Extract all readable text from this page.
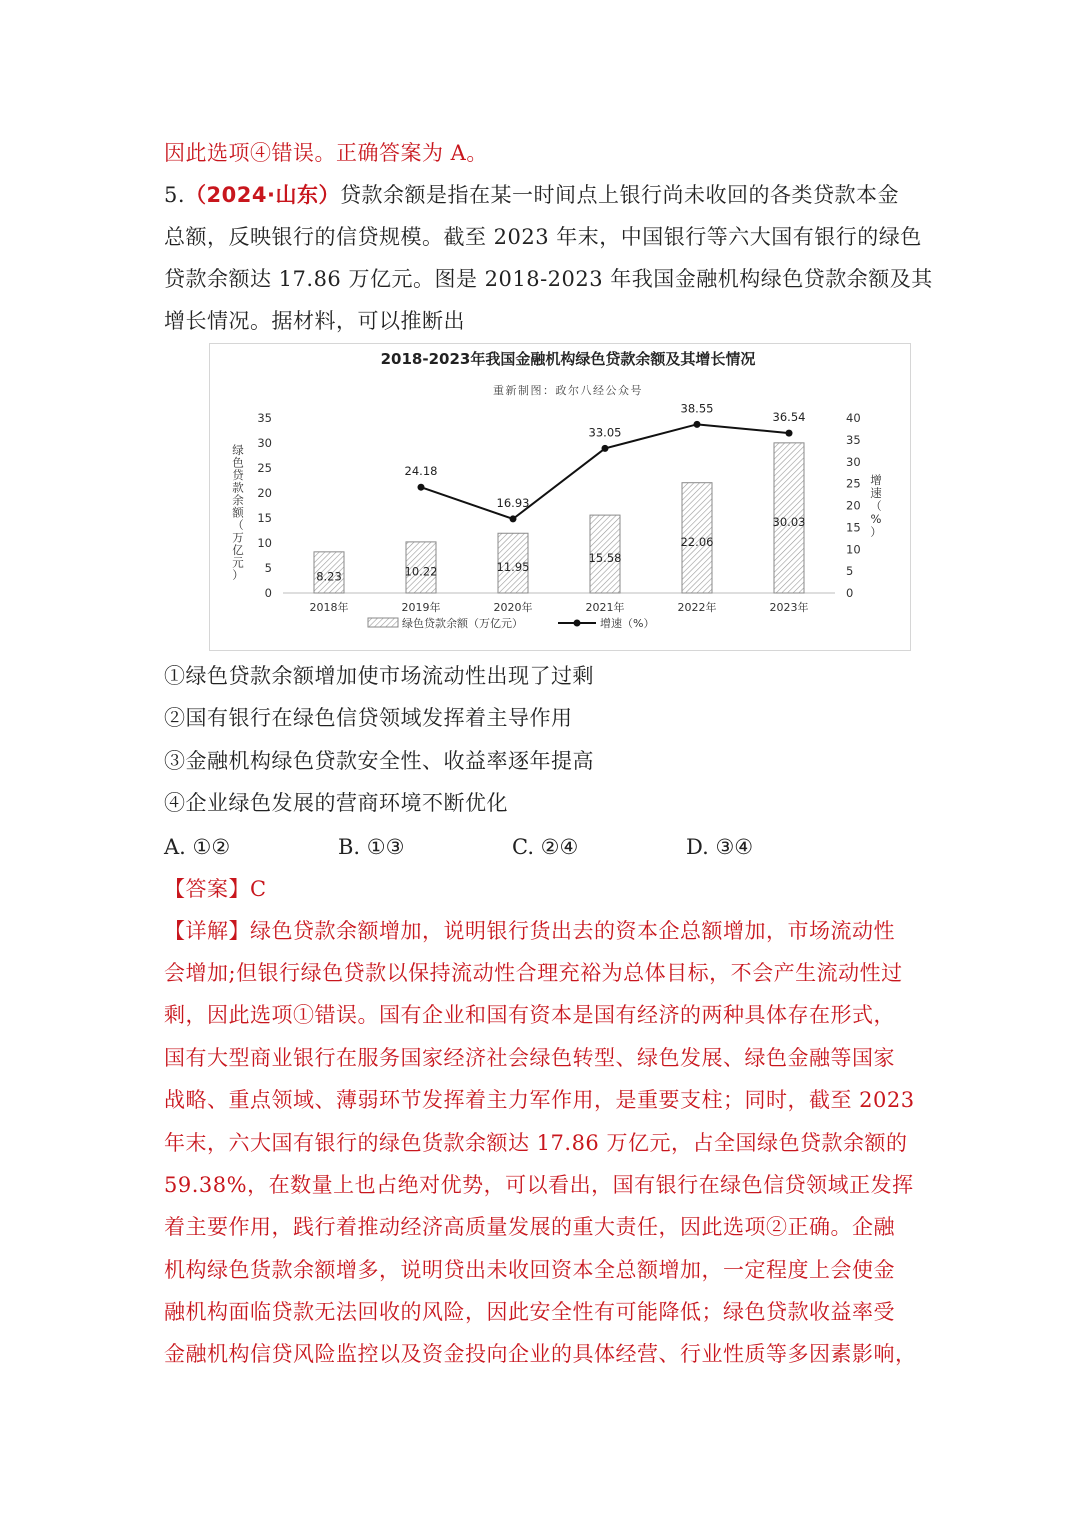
因此选项④错误。正确答案为 A。

5.（2024·山东）贷款余额是指在某一时间点上银行尚未收回的各类贷款本金

总额，反映银行的信贷规模。截至 2023 年末，中国银行等六大国有银行的绿色

贷款余额达 17.86 万亿元。图是 2018-2023 年我国金融机构绿色贷款余额及其

增长情况。据材料，可以推断出

2018-2023年我国金融机构绿色贷款余额及其增长情况
重新制图：政尔八经公众号
绿色贷款余额（万亿元）
增速（%）
0
5
10
15
20
25
30
35
0
5
10
15
20
25
30
35
40
8.23	10.22	11.95
15.58
22.06
30.03
2018年	2019年	2020年	2021年	2022年	2023年
24.18
16.93
33.05
38.55
36.54
绿色贷款余额（万亿元）	增速（%）

①绿色贷款余额增加使市场流动性出现了过剩

②国有银行在绿色信贷领域发挥着主导作用

③金融机构绿色贷款安全性、收益率逐年提高

④企业绿色发展的营商环境不断优化

A. ①②	B. ①③	C. ②④	D. ③④

【答案】C

【详解】绿色贷款余额增加，说明银行货出去的资本企总额增加，市场流动性

会增加;但银行绿色贷款以保持流动性合理充裕为总体目标，不会产生流动性过

剩，因此选项①错误。国有企业和国有资本是国有经济的两种具体存在形式，

国有大型商业银行在服务国家经济社会绿色转型、绿色发展、绿色金融等国家

战略、重点领域、薄弱环节发挥着主力军作用，是重要支柱；同时，截至 2023

年末，六大国有银行的绿色货款余额达 17.86 万亿元，占全国绿色贷款余额的

59.38%，在数量上也占绝对优势，可以看出，国有银行在绿色信贷领域正发挥

着主要作用，践行着推动经济高质量发展的重大责任，因此选项②正确。企融

机构绿色货款余额增多，说明贷出未收回资本全总额增加，一定程度上会使金

融机构面临贷款无法回收的风险，因此安全性有可能降低；绿色贷款收益率受

金融机构信贷风险监控以及资金投向企业的具体经营、行业性质等多因素影响，
